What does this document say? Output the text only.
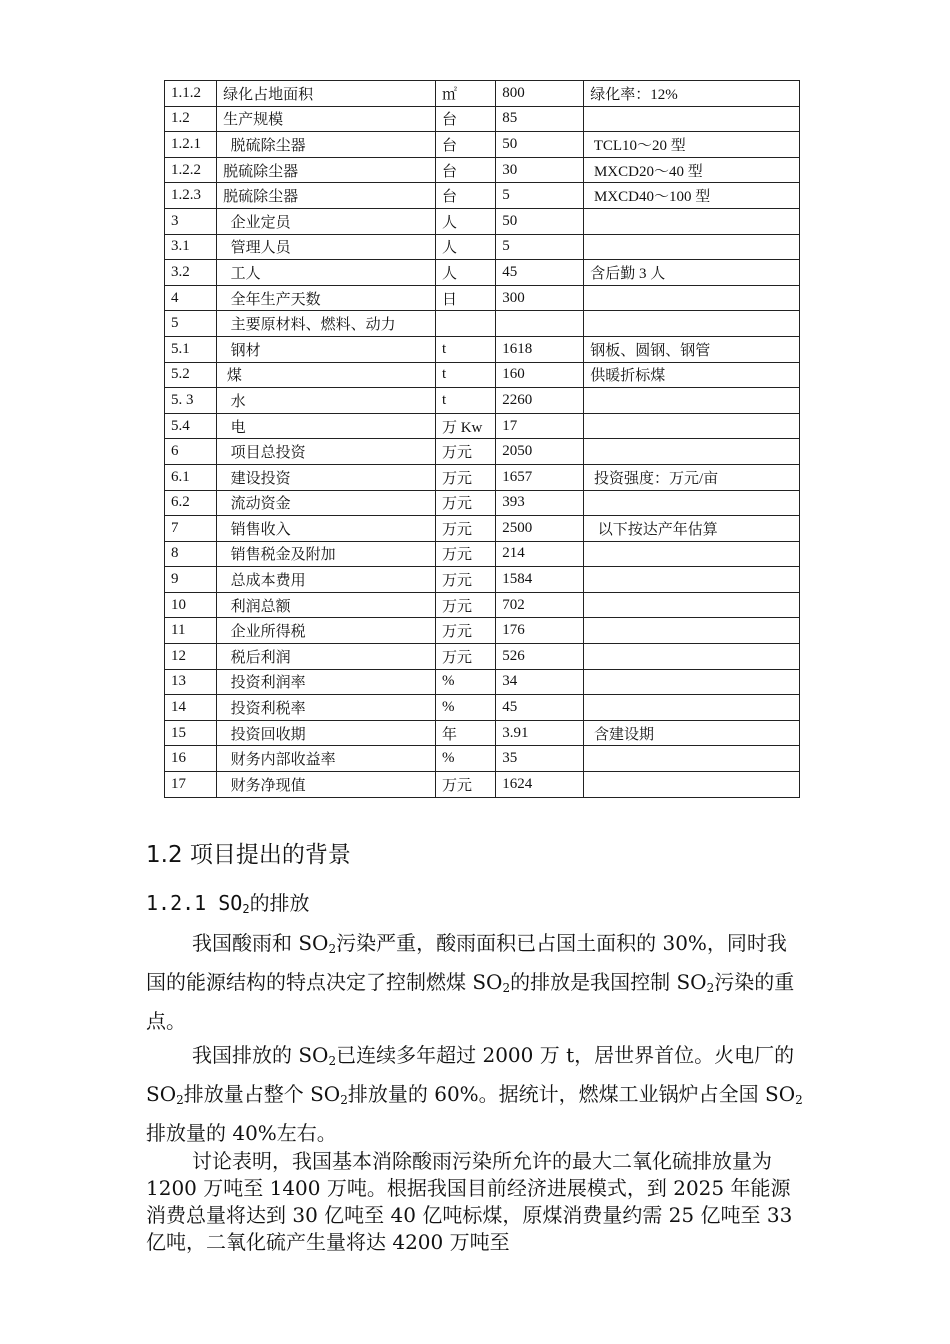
1.1.2	绿化占地面积	㎡	800	绿化率：12%
1.2	生产规模	台	85	
1.2.1	脱硫除尘器	台	50	TCL10～20 型
1.2.2	脱硫除尘器	台	30	MXCD20～40 型
1.2.3	脱硫除尘器	台	5	MXCD40～100 型
3	企业定员	人	50	
3.1	管理人员	人	5	
3.2	工人	人	45	含后勤 3 人
4	全年生产天数	日	300	
5	主要原材料、燃料、动力			
5.1	钢材	t	1618	钢板、圆钢、钢管
5.2	煤	t	160	供暖折标煤
5. 3	水	t	2260	
5.4	电	万 Kw	17	
6	项目总投资	万元	2050	
6.1	建设投资	万元	1657	投资强度：万元/亩
6.2	流动资金	万元	393	
7	销售收入	万元	2500	以下按达产年估算
8	销售税金及附加	万元	214	
9	总成本费用	万元	1584	
10	利润总额	万元	702	
11	企业所得税	万元	176	
12	税后利润	万元	526	
13	投资利润率	%	34	
14	投资利税率	%	45	
15	投资回收期	年	3.91	含建设期
16	财务内部收益率	%	35	
17	财务净现值	万元	1624	
1.2 项目提出的背景
1.2.1 $SO_2$的排放

我国酸雨和 $SO_2$污染严重，酸雨面积已占国土面积的 30%，同时我国的能源结构的特点决定了控制燃煤 $SO_2$的排放是我国控制 $SO_2$污染的重点。

我国排放的 $SO_2$已连续多年超过 2000 万 t，居世界首位。火电厂的 $SO_2$排放量占整个 $SO_2$排放量的 60%。据统计，燃煤工业锅炉占全国 $SO_2$排放量的 40%左右。

讨论表明，我国基本消除酸雨污染所允许的最大二氧化硫排放量为 1200 万吨至 1400 万吨。根据我国目前经济进展模式，到 2025 年能源消费总量将达到 30 亿吨至 40 亿吨标煤，原煤消费量约需 25 亿吨至 33 亿吨，二氧化硫产生量将达 4200 万吨至
